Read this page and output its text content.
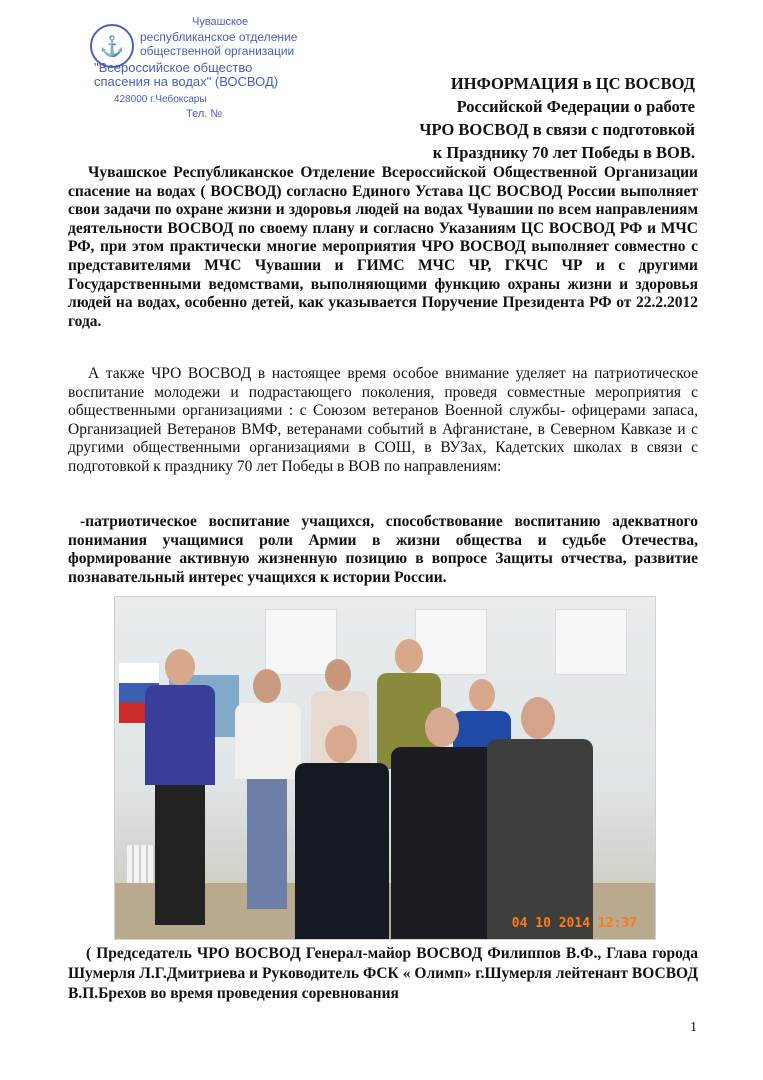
⚓
Чувашское
республиканское отделение
общественной организации
"Всероссийское общество
спасения на водах" (ВОСВОД)
428000 г.Чебоксары
Тел. №
ИНФОРМАЦИЯ в ЦС ВОСВОД
Российской Федерации о работе
ЧРО ВОСВОД в связи с подготовкой
к Празднику 70 лет Победы в ВОВ.
Чувашское Республиканское Отделение Всероссийской Общественной Организации спасение на водах ( ВОСВОД) согласно Единого Устава ЦС ВОСВОД России выполняет свои задачи по охране жизни и здоровья людей на водах Чувашии по всем направлениям деятельности ВОСВОД по своему плану и согласно Указаниям ЦС ВОСВОД РФ и МЧС РФ, при этом практически многие мероприятия ЧРО ВОСВОД выполняет совместно с представителями МЧС Чувашии и ГИМС МЧС ЧР, ГКЧС ЧР и с другими Государственными ведомствами, выполняющими функцию охраны жизни и здоровья людей на водах, особенно детей, как указывается Поручение Президента РФ от 22.2.2012 года.
А также ЧРО ВОСВОД в настоящее время особое внимание уделяет на патриотическое воспитание молодежи и подрастающего поколения, проведя совместные мероприятия с общественными организациями : с Союзом ветеранов Военной службы- офицерами запаса, Организацией Ветеранов ВМФ, ветеранами событий в Афганистане, в Северном Кавказе и с другими общественными организациями в СОШ, в ВУЗах, Кадетских школах в связи с подготовкой к празднику 70 лет Победы в ВОВ по направлениям:
-патриотическое воспитание учащихся, способствование воспитанию адекватного понимания учащимися роли Армии в жизни общества и судьбе Отечества, формирование активную жизненную позицию в вопросе Защиты отчества, развитие познавательный интерес учащихся к истории России.
04 10 2014 12:37
( Председатель ЧРО ВОСВОД Генерал-майор ВОСВОД Филиппов В.Ф., Глава города Шумерля Л.Г.Дмитриева и Руководитель ФСК « Олимп» г.Шумерля лейтенант ВОСВОД В.П.Брехов во время проведения соревнования
1
